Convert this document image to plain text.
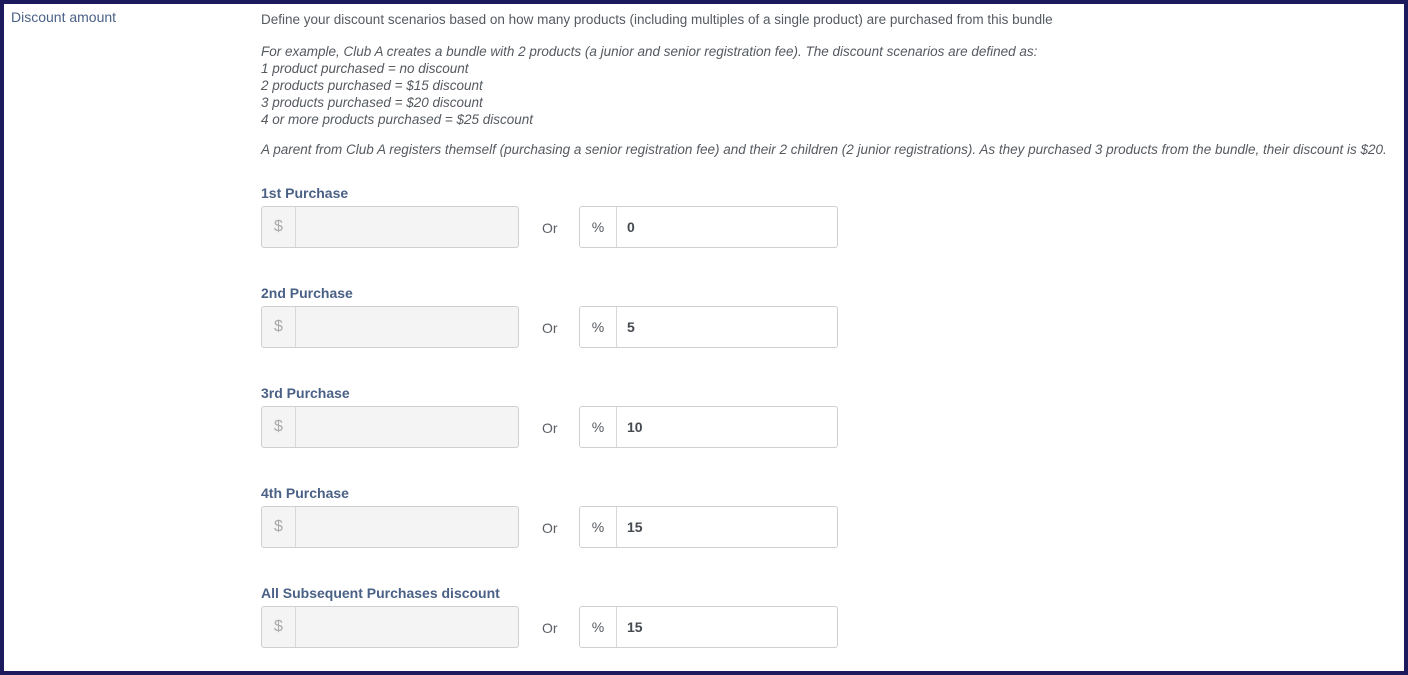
Discount amount	Define your discount scenarios based on how many products (including multiples of a single product) are purchased from this bundle
For example, Club A creates a bundle with 2 products (a junior and senior registration fee). The discount scenarios are defined as:
1 product purchased = no discount
2 products purchased = $15 discount
3 products purchased = $20 discount
4 or more products purchased = $25 discount
A parent from Club A registers themself (purchasing a senior registration fee) and their 2 children (2 junior registrations). As they purchased 3 products from the bundle, their discount is $20.
1st Purchase
$	Or	%	0
2nd Purchase
$	Or	%	5
3rd Purchase
$	Or	%	10
4th Purchase
$	Or	%	15
All Subsequent Purchases discount
$	Or	%	15
